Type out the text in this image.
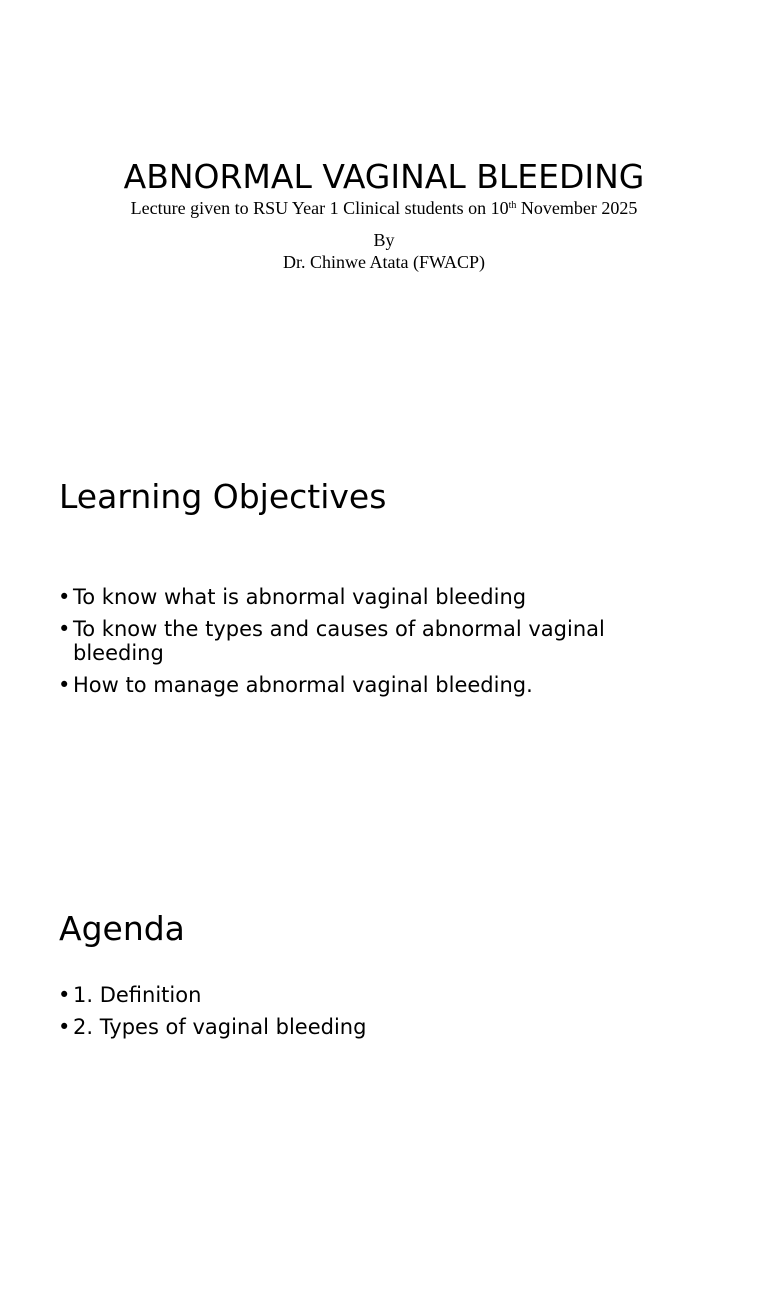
ABNORMAL VAGINAL BLEEDING
Lecture given to RSU Year 1 Clinical students on 10th November 2025
By
Dr. Chinwe Atata (FWACP)
Learning Objectives
• To know what is abnormal vaginal bleeding
• To know the types and causes of abnormal vaginal bleeding
• How to manage abnormal vaginal bleeding.
Agenda
• 1. Definition
• 2. Types of vaginal bleeding
